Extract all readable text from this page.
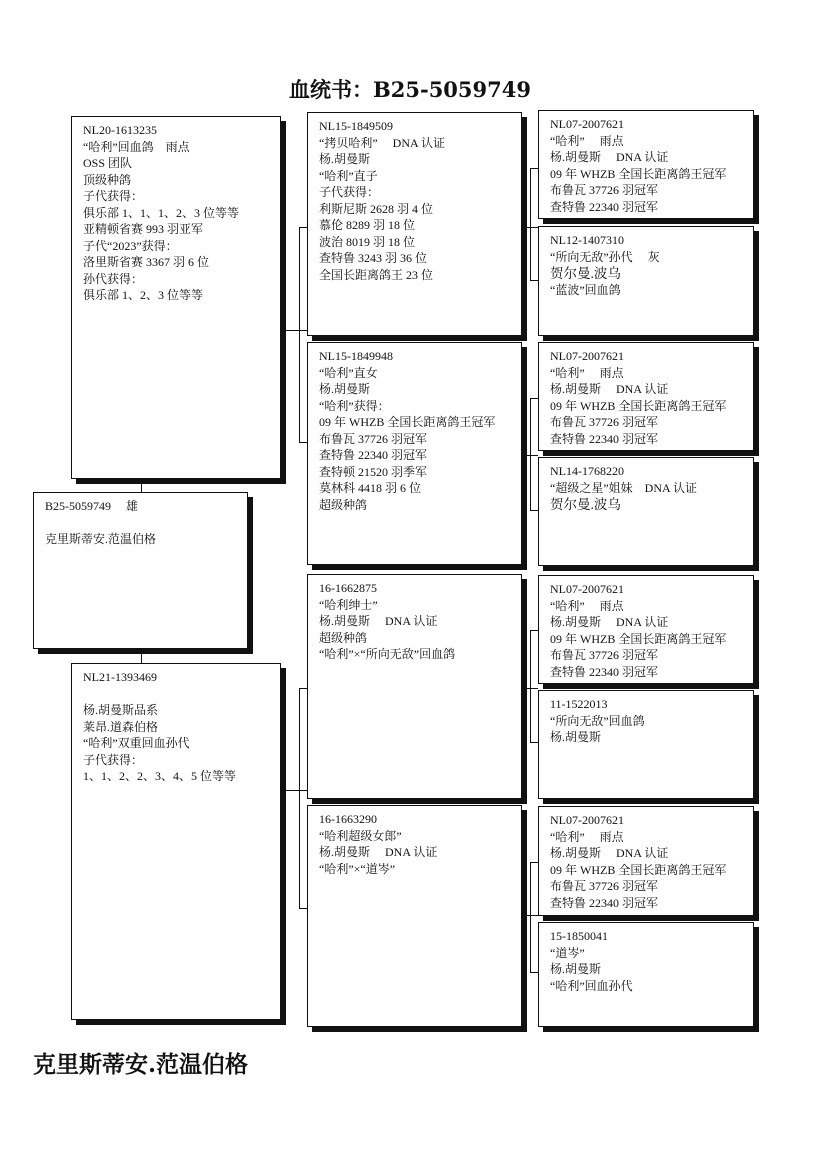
血统书：B25-5059749
NL20-1613235
“哈利”回血鸽　雨点
OSS 团队
顶级种鸽
子代获得：
俱乐部 1、1、1、2、3 位等等
亚精顿省赛 993 羽亚军
子代“2023”获得：
洛里斯省赛 3367 羽 6 位
孙代获得：
俱乐部 1、2、3 位等等
B25-5059749　 雄
克里斯蒂安.范温伯格
NL21-1393469
杨.胡曼斯品系
莱昂.道森伯格
“哈利”双重回血孙代
子代获得：
1、1、2、2、3、4、5 位等等
NL15-1849509
“拷贝哈利”　 DNA 认证
杨.胡曼斯
“哈利”直子
子代获得：
利斯尼斯 2628 羽 4 位
慕伦 8289 羽 18 位
波治 8019 羽 18 位
查特鲁 3243 羽 36 位
全国长距离鸽王 23 位
NL15-1849948
“哈利”直女
杨.胡曼斯
“哈利”获得：
09 年 WHZB 全国长距离鸽王冠军
布鲁瓦 37726 羽冠军
查特鲁 22340 羽冠军
查特顿 21520 羽季军
莫林科 4418 羽 6 位
超级种鸽
16-1662875
“哈利绅士”
杨.胡曼斯　 DNA 认证
超级种鸽
“哈利”×“所向无敌”回血鸽
16-1663290
“哈利超级女郎”
杨.胡曼斯　 DNA 认证
“哈利”×“道岑”
NL07-2007621
“哈利”　 雨点
杨.胡曼斯　 DNA 认证
09 年 WHZB 全国长距离鸽王冠军
布鲁瓦 37726 羽冠军
查特鲁 22340 羽冠军
NL12-1407310
“所向无敌”孙代　 灰
贺尔曼.波乌
“蓝波”回血鸽
NL07-2007621
“哈利”　 雨点
杨.胡曼斯　 DNA 认证
09 年 WHZB 全国长距离鸽王冠军
布鲁瓦 37726 羽冠军
查特鲁 22340 羽冠军
NL14-1768220
“超级之星”姐妹　DNA 认证
贺尔曼.波乌
NL07-2007621
“哈利”　 雨点
杨.胡曼斯　 DNA 认证
09 年 WHZB 全国长距离鸽王冠军
布鲁瓦 37726 羽冠军
查特鲁 22340 羽冠军
11-1522013
“所向无敌”回血鸽
杨.胡曼斯
NL07-2007621
“哈利”　 雨点
杨.胡曼斯　 DNA 认证
09 年 WHZB 全国长距离鸽王冠军
布鲁瓦 37726 羽冠军
查特鲁 22340 羽冠军
15-1850041
“道岑”
杨.胡曼斯
“哈利”回血孙代
克里斯蒂安.范温伯格
